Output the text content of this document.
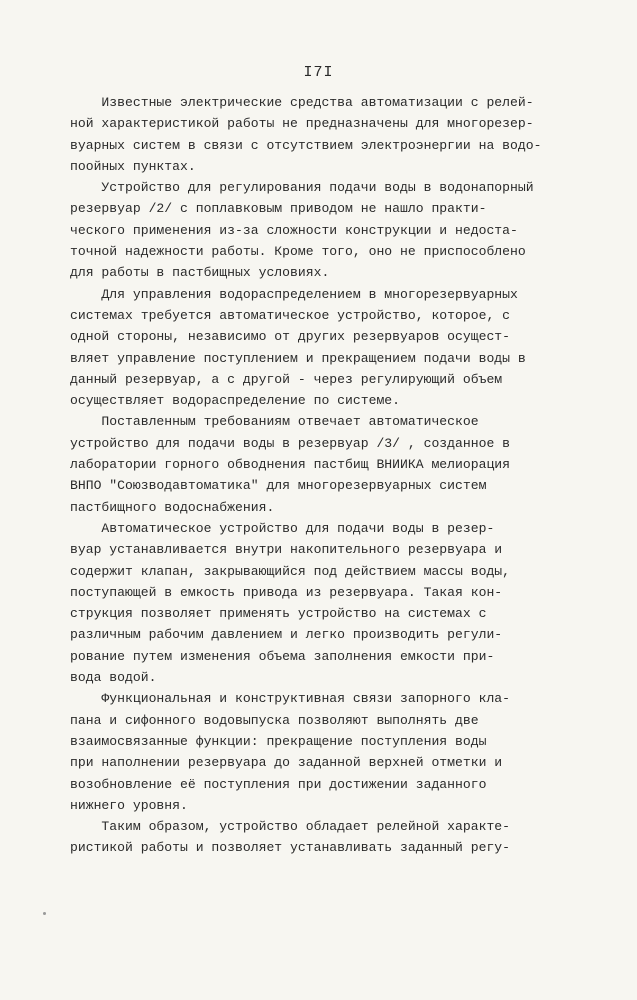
I7I
Известные электрические средства автоматизации с релей-
ной характеристикой работы не предназначены для многорезер-
вуарных систем в связи с отсутствием электроэнергии на водо-
поойных пунктах.
Устройство для регулирования подачи воды в водонапорный
резервуар /2/ с поплавковым приводом не нашло практи-
ческого применения из-за сложности конструкции и недоста-
точной надежности работы. Кроме того, оно не приспособлено
для работы в пастбищных условиях.
Для управления водораспределением в многорезервуарных
системах требуется автоматическое устройство, которое, с
одной стороны, независимо от других резервуаров осущест-
вляет управление поступлением и прекращением подачи воды в
данный резервуар, а с другой - через регулирующий объем
осуществляет водораспределение по системе.
Поставленным требованиям отвечает автоматическое
устройство для подачи воды в резервуар /3/ , созданное в
лаборатории горного обводнения пастбищ ВНИИКА мелиорация
ВНПО "Союзводавтоматика" для многорезервуарных систем
пастбищного водоснабжения.
Автоматическое устройство для подачи воды в резер-
вуар устанавливается внутри накопительного резервуара и
содержит клапан, закрывающийся под действием массы воды,
поступающей в емкость привода из резервуара. Такая кон-
струкция позволяет применять устройство на системах с
различным рабочим давлением и легко производить регули-
рование путем изменения объема заполнения емкости при-
вода водой.
Функциональная и конструктивная связи запорного кла-
пана и сифонного водовыпуска позволяют выполнять две
взаимосвязанные функции: прекращение поступления воды
при наполнении резервуара до заданной верхней отметки и
возобновление её поступления при достижении заданного
нижнего уровня.
Таким образом, устройство обладает релейной характе-
ристикой работы и позволяет устанавливать заданный регу-
